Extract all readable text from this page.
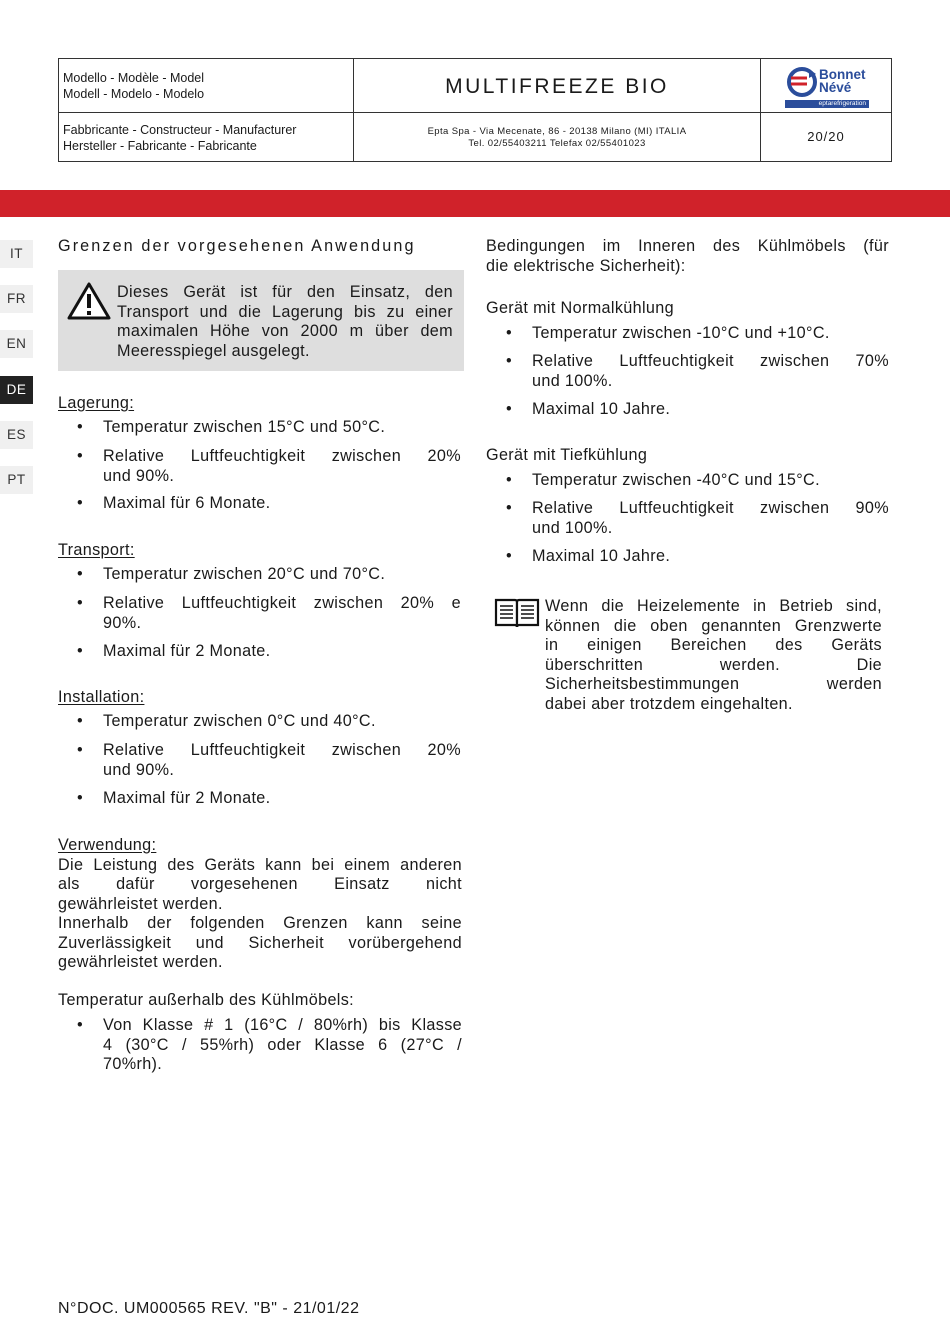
Modello - Modèle - Model
Modell - Modelo - Modelo	MULTIFREEZE BIO
Bonnet
Névé
eptarefrigeration
Fabbricante - Constructeur - Manufacturer
Hersteller - Fabricante - Fabricante
Epta Spa - Via Mecenate, 86 - 20138 Milano (MI) ITALIA
Tel. 02/55403211 Telefax 02/55401023	20/20
IT
FR
EN
DE
ES
PT
Grenzen der vorgesehenen Anwendung
Dieses Gerät ist für den Einsatz, den
Transport und die Lagerung bis zu einer
maximalen Höhe von 2000 m über dem
Meeresspiegel ausgelegt.
Lagerung:
• Temperatur zwischen 15°C und 50°C.
• Relative Luftfeuchtigkeit zwischen 20%
und 90%.
• Maximal für 6 Monate.
Transport:
• Temperatur zwischen 20°C und 70°C.
• Relative Luftfeuchtigkeit zwischen 20% e
90%.
• Maximal für 2 Monate.
Installation:
• Temperatur zwischen 0°C und 40°C.
• Relative Luftfeuchtigkeit zwischen 20%
und 90%.
• Maximal für 2 Monate.
Verwendung:
Die Leistung des Geräts kann bei einem anderen
als dafür vorgesehenen Einsatz nicht
gewährleistet werden.
Innerhalb der folgenden Grenzen kann seine
Zuverlässigkeit und Sicherheit vorübergehend
gewährleistet werden.
Temperatur außerhalb des Kühlmöbels:
• Von Klasse # 1 (16°C / 80%rh) bis Klasse
4 (30°C / 55%rh) oder Klasse 6 (27°C /
70%rh).
Bedingungen im Inneren des Kühlmöbels (für
die elektrische Sicherheit):
Gerät mit Normalkühlung
• Temperatur zwischen -10°C und +10°C.
• Relative Luftfeuchtigkeit zwischen 70%
und 100%.
• Maximal 10 Jahre.
Gerät mit Tiefkühlung
• Temperatur zwischen -40°C und 15°C.
• Relative Luftfeuchtigkeit zwischen 90%
und 100%.
• Maximal 10 Jahre.
Wenn die Heizelemente in Betrieb sind,
können die oben genannten Grenzwerte
in einigen Bereichen des Geräts
überschritten werden. Die
Sicherheitsbestimmungen werden
dabei aber trotzdem eingehalten.
N°DOC. UM000565 REV. "B" - 21/01/22
